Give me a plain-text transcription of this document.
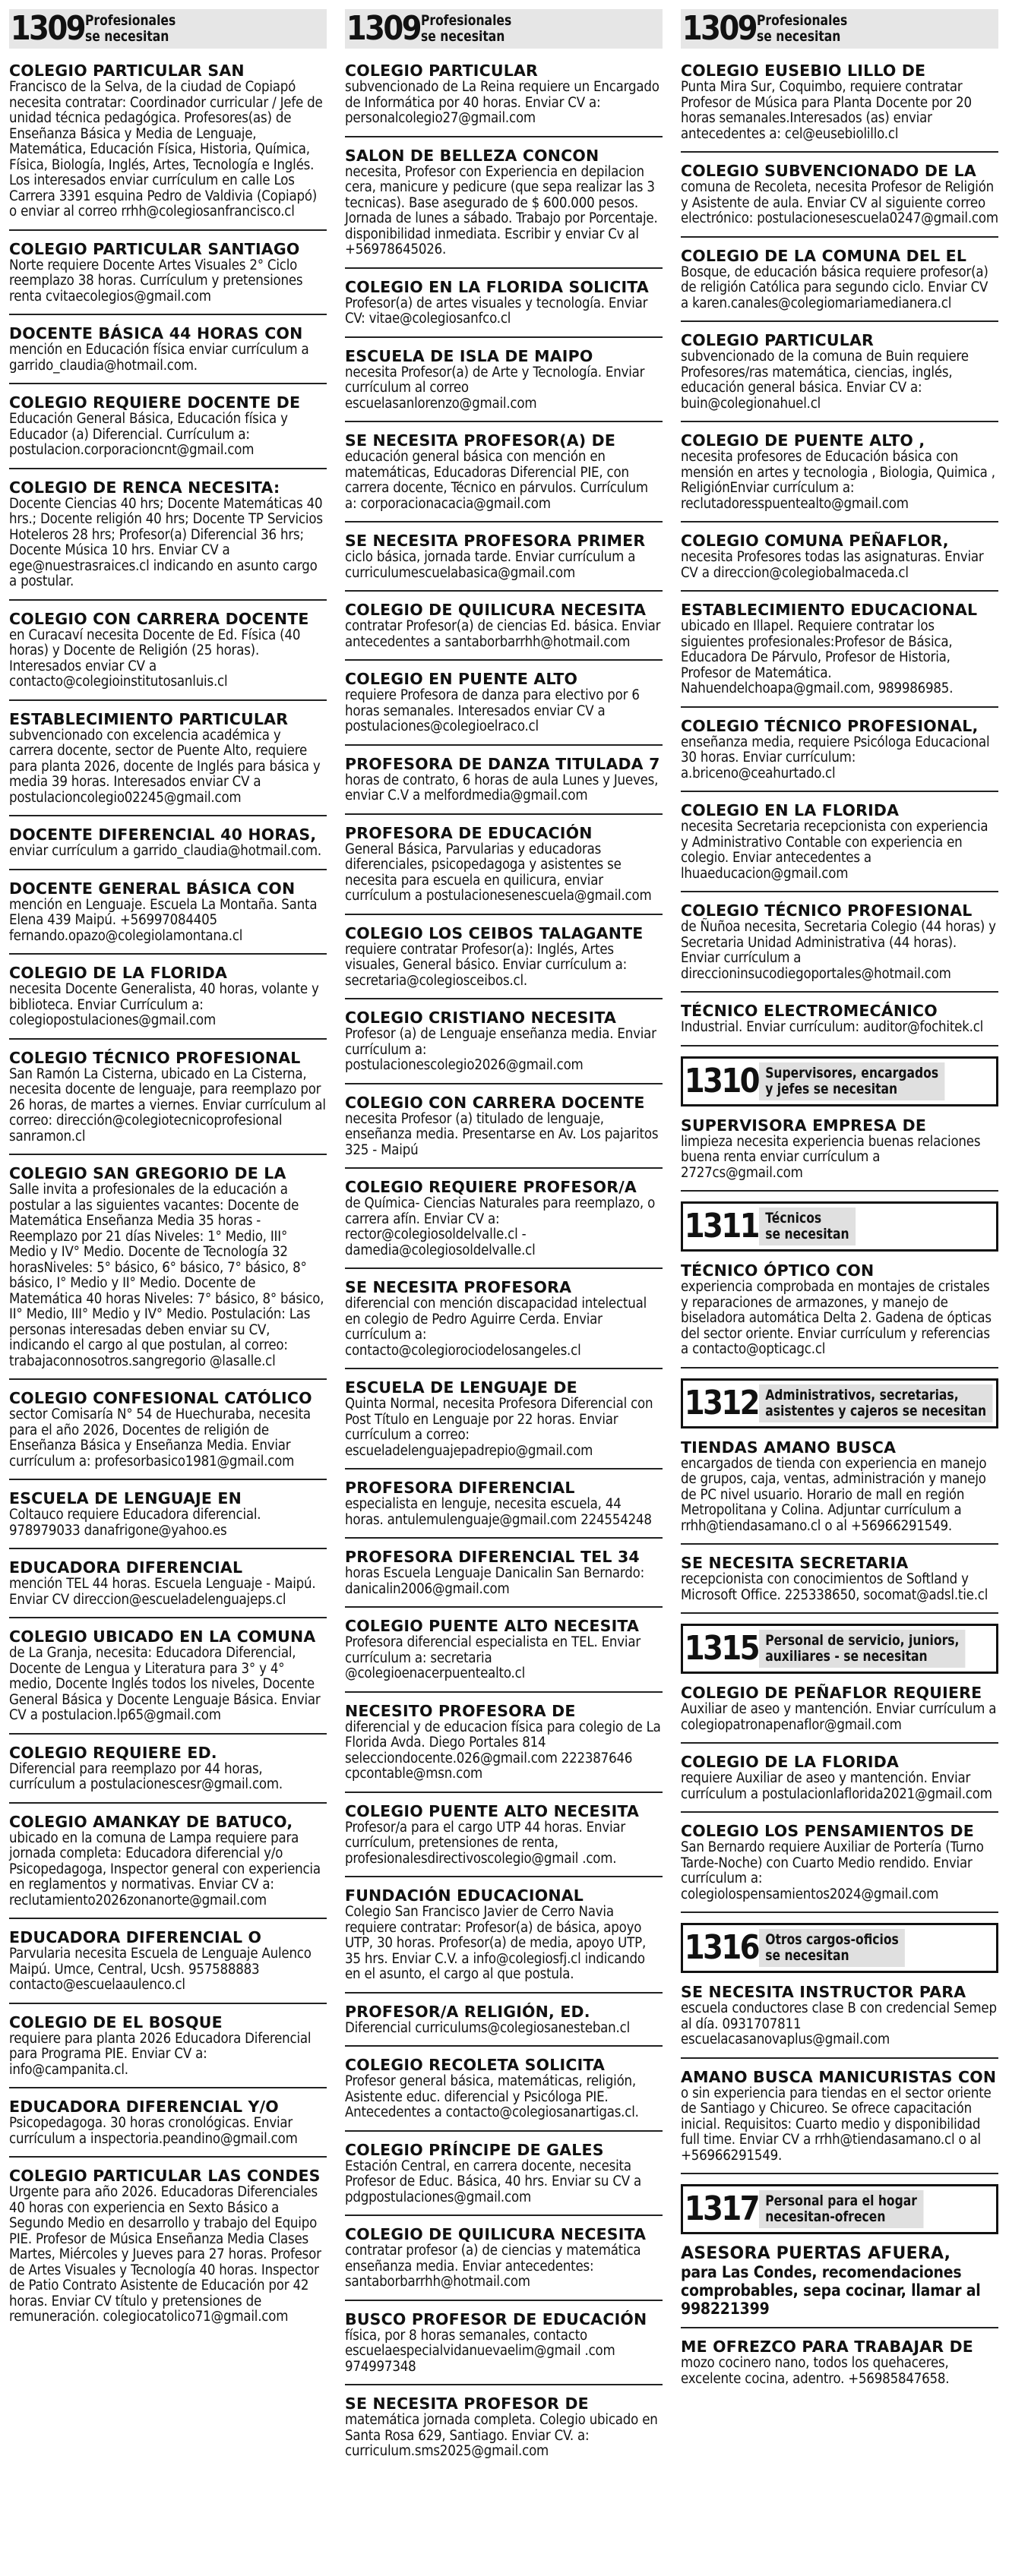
1309 Profesionales
se necesitan
COLEGIO PARTICULAR SAN
Francisco de la Selva, de la ciudad de Copiapó necesita contratar: Coordinador curricular / Jefe de unidad técnica pedagógica. Profesores(as) de Enseñanza Básica y Media de Lenguaje, Matemática, Educación Física, Historia, Química, Física, Biología, Inglés, Artes, Tecnología e Inglés. Los interesados enviar currículum en calle Los Carrera 3391 esquina Pedro de Valdivia (Copiapó) o enviar al correo rrhh@colegiosanfrancisco.cl
COLEGIO PARTICULAR SANTIAGO
Norte requiere Docente Artes Visuales 2° Ciclo reemplazo 38 horas. Currículum y pretensiones renta cvitaecolegios@gmail.com
DOCENTE BÁSICA 44 HORAS CON
mención en Educación física enviar currículum a garrido_claudia@hotmail.com.
COLEGIO REQUIERE DOCENTE DE
Educación General Básica, Educación física y Educador (a) Diferencial. Currículum a: postulacion.corporacioncnt@gmail.com
COLEGIO DE RENCA NECESITA:
Docente Ciencias 40 hrs; Docente Matemáticas 40 hrs.; Docente religión 40 hrs; Docente TP Servicios Hoteleros 28 hrs; Profesor(a) Diferencial 36 hrs; Docente Música 10 hrs. Enviar CV a ege@nuestrasraices.cl indicando en asunto cargo a postular.
COLEGIO CON CARRERA DOCENTE
en Curacaví necesita Docente de Ed. Física (40 horas) y Docente de Religión (25 horas). Interesados enviar CV a contacto@colegioinstitutosanluis.cl
ESTABLECIMIENTO PARTICULAR
subvencionado con excelencia académica y carrera docente, sector de Puente Alto, requiere para planta 2026, docente de Inglés para básica y media 39 horas. Interesados enviar CV a postulacioncolegio02245@gmail.com
DOCENTE DIFERENCIAL 40 HORAS,
enviar currículum a garrido_claudia@hotmail.com.
DOCENTE GENERAL BÁSICA CON
mención en Lenguaje. Escuela La Montaña. Santa Elena 439 Maipú. +56997084405 fernando.opazo@colegiolamontana.cl
COLEGIO DE LA FLORIDA
necesita Docente Generalista, 40 horas, volante y biblioteca. Enviar Currículum a: colegiopostulaciones@gmail.com
COLEGIO TÉCNICO PROFESIONAL
San Ramón La Cisterna, ubicado en La Cisterna, necesita docente de lenguaje, para reemplazo por 26 horas, de martes a viernes. Enviar currículum al correo: dirección@colegiotecnicoprofesional sanramon.cl
COLEGIO SAN GREGORIO DE LA
Salle invita a profesionales de la educación a postular a las siguientes vacantes: Docente de Matemática Enseñanza Media 35 horas - Reemplazo por 21 días Niveles: 1° Medio, III° Medio y IV° Medio. Docente de Tecnología 32 horasNiveles: 5° básico, 6° básico, 7° básico, 8° básico, I° Medio y II° Medio. Docente de Matemática 40 horas Niveles: 7° básico, 8° básico, II° Medio, III° Medio y IV° Medio. Postulación: Las personas interesadas deben enviar su CV, indicando el cargo al que postulan, al correo: trabajaconnosotros.sangregorio @lasalle.cl
COLEGIO CONFESIONAL CATÓLICO
sector Comisaría N° 54 de Huechuraba, necesita para el año 2026, Docentes de religión de Enseñanza Básica y Enseñanza Media. Enviar currículum a: profesorbasico1981@gmail.com
ESCUELA DE LENGUAJE EN
Coltauco requiere Educadora diferencial. 978979033 danafrigone@yahoo.es
EDUCADORA DIFERENCIAL
mención TEL 44 horas. Escuela Lenguaje - Maipú. Enviar CV direccion@escueladelenguajeps.cl
COLEGIO UBICADO EN LA COMUNA
de La Granja, necesita: Educadora Diferencial, Docente de Lengua y Literatura para 3° y 4° medio, Docente Inglés todos los niveles, Docente General Básica y Docente Lenguaje Básica. Enviar CV a postulacion.lp65@gmail.com
COLEGIO REQUIERE ED.
Diferencial para reemplazo por 44 horas, currículum a postulacionescesr@gmail.com.
COLEGIO AMANKAY DE BATUCO,
ubicado en la comuna de Lampa requiere para jornada completa: Educadora diferencial y/o Psicopedagoga, Inspector general con experiencia en reglamentos y normativas. Enviar CV a: reclutamiento2026zonanorte@gmail.com
EDUCADORA DIFERENCIAL O
Parvularia necesita Escuela de Lenguaje Aulenco Maipú. Umce, Central, Ucsh. 957588883 contacto@escuelaaulenco.cl
COLEGIO DE EL BOSQUE
requiere para planta 2026 Educadora Diferencial para Programa PIE. Enviar CV a: info@campanita.cl.
EDUCADORA DIFERENCIAL Y/O
Psicopedagoga. 30 horas cronológicas. Enviar currículum a inspectoria.peandino@gmail.com
COLEGIO PARTICULAR LAS CONDES
Urgente para año 2026. Educadoras Diferenciales 40 horas con experiencia en Sexto Básico a Segundo Medio en desarrollo y trabajo del Equipo PIE. Profesor de Música Enseñanza Media Clases Martes, Miércoles y Jueves para 27 horas. Profesor de Artes Visuales y Tecnología 40 horas. Inspector de Patio Contrato Asistente de Educación por 42 horas. Enviar CV título y pretensiones de remuneración. colegiocatolico71@gmail.com
1309 Profesionales
se necesitan
COLEGIO PARTICULAR
subvencionado de La Reina requiere un Encargado de Informática por 40 horas. Enviar CV a: personalcolegio27@gmail.com
SALON DE BELLEZA CONCON
necesita, Profesor con Experiencia en depilacion cera, manicure y pedicure (que sepa realizar las 3 tecnicas). Base asegurado de $ 600.000 pesos. Jornada de lunes a sábado. Trabajo por Porcentaje. disponibilidad inmediata. Escribir y enviar Cv al +56978645026.
COLEGIO EN LA FLORIDA SOLICITA
Profesor(a) de artes visuales y tecnología. Enviar CV: vitae@colegiosanfco.cl
ESCUELA DE ISLA DE MAIPO
necesita Profesor(a) de Arte y Tecnología. Enviar currículum al correo escuelasanlorenzo@gmail.com
SE NECESITA PROFESOR(A) DE
educación general básica con mención en matemáticas, Educadoras Diferencial PIE, con carrera docente, Técnico en párvulos. Currículum a: corporacionacacia@gmail.com
SE NECESITA PROFESORA PRIMER
ciclo básica, jornada tarde. Enviar currículum a curriculumescuelabasica@gmail.com
COLEGIO DE QUILICURA NECESITA
contratar Profesor(a) de ciencias Ed. básica. Enviar antecedentes a santaborbarrhh@hotmail.com
COLEGIO EN PUENTE ALTO
requiere Profesora de danza para electivo por 6 horas semanales. Interesados enviar CV a postulaciones@colegioelraco.cl
PROFESORA DE DANZA TITULADA 7
horas de contrato, 6 horas de aula Lunes y Jueves, enviar C.V a melfordmedia@gmail.com
PROFESORA DE EDUCACIÓN
General Básica, Parvularias y educadoras diferenciales, psicopedagoga y asistentes se necesita para escuela en quilicura, enviar currículum a postulacionesenescuela@gmail.com
COLEGIO LOS CEIBOS TALAGANTE
requiere contratar Profesor(a): Inglés, Artes visuales, General básico. Enviar currículum a: secretaria@colegiosceibos.cl.
COLEGIO CRISTIANO NECESITA
Profesor (a) de Lenguaje enseñanza media. Enviar currículum a: postulacionescolegio2026@gmail.com
COLEGIO CON CARRERA DOCENTE
necesita Profesor (a) titulado de lenguaje, enseñanza media. Presentarse en Av. Los pajaritos 325 - Maipú
COLEGIO REQUIERE PROFESOR/A
de Química- Ciencias Naturales para reemplazo, o carrera afín. Enviar CV a: rector@colegiosoldelvalle.cl - damedia@colegiosoldelvalle.cl
SE NECESITA PROFESORA
diferencial con mención discapacidad intelectual en colegio de Pedro Aguirre Cerda. Enviar currículum a: contacto@colegiorociodelosangeles.cl
ESCUELA DE LENGUAJE DE
Quinta Normal, necesita Profesora Diferencial con Post Título en Lenguaje por 22 horas. Enviar currículum a correo: escueladelenguajepadrepio@gmail.com
PROFESORA DIFERENCIAL
especialista en lenguje, necesita escuela, 44 horas. antulemulenguaje@gmail.com 224554248
PROFESORA DIFERENCIAL TEL 34
horas Escuela Lenguaje Danicalin San Bernardo: danicalin2006@gmail.com
COLEGIO PUENTE ALTO NECESITA
Profesora diferencial especialista en TEL. Enviar currículum a: secretaria @colegioenacerpuentealto.cl
NECESITO PROFESORA DE
diferencial y de educacion física para colegio de La Florida Avda. Diego Portales 814 selecciondocente.026@gmail.com 222387646 cpcontable@msn.com
COLEGIO PUENTE ALTO NECESITA
Profesor/a para el cargo UTP 44 horas. Enviar currículum, pretensiones de renta, profesionalesdirectivoscolegio@gmail .com.
FUNDACIÓN EDUCACIONAL
Colegio San Francisco Javier de Cerro Navia requiere contratar: Profesor(a) de básica, apoyo UTP, 30 horas. Profesor(a) de media, apoyo UTP, 35 hrs. Enviar C.V. a info@colegiosfj.cl indicando en el asunto, el cargo al que postula.
PROFESOR/A RELIGIÓN, ED.
Diferencial curriculums@colegiosanesteban.cl
COLEGIO RECOLETA SOLICITA
Profesor general básica, matemáticas, religión, Asistente educ. diferencial y Psicóloga PIE. Antecedentes a contacto@colegiosanartigas.cl.
COLEGIO PRÍNCIPE DE GALES
Estación Central, en carrera docente, necesita Profesor de Educ. Básica, 40 hrs. Enviar su CV a pdgpostulaciones@gmail.com
COLEGIO DE QUILICURA NECESITA
contratar profesor (a) de ciencias y matemática enseñanza media. Enviar antecedentes: santaborbarrhh@hotmail.com
BUSCO PROFESOR DE EDUCACIÓN
física, por 8 horas semanales, contacto escuelaespecialvidanuevaelim@gmail .com 974997348
SE NECESITA PROFESOR DE
matemática jornada completa. Colegio ubicado en Santa Rosa 629, Santiago. Enviar CV. a: curriculum.sms2025@gmail.com
1309 Profesionales
se necesitan
COLEGIO EUSEBIO LILLO DE
Punta Mira Sur, Coquimbo, requiere contratar Profesor de Música para Planta Docente por 20 horas semanales.Interesados (as) enviar antecedentes a: cel@eusebiolillo.cl
COLEGIO SUBVENCIONADO DE LA
comuna de Recoleta, necesita Profesor de Religión y Asistente de aula. Enviar CV al siguiente correo electrónico: postulacionesescuela0247@gmail.com
COLEGIO DE LA COMUNA DEL EL
Bosque, de educación básica requiere profesor(a) de religión Católica para segundo ciclo. Enviar CV a karen.canales@colegiomariamedianera.cl
COLEGIO PARTICULAR
subvencionado de la comuna de Buin requiere Profesores/ras matemática, ciencias, inglés, educación general básica. Enviar CV a: buin@colegionahuel.cl
COLEGIO DE PUENTE ALTO ,
necesita profesores de Educación básica con mensión en artes y tecnologia , Biologia, Quimica , ReligiónEnviar currículum a: reclutadoresspuentealto@gmail.com
COLEGIO COMUNA PEÑAFLOR,
necesita Profesores todas las asignaturas. Enviar CV a direccion@colegiobalmaceda.cl
ESTABLECIMIENTO EDUCACIONAL
ubicado en Illapel. Requiere contratar los siguientes profesionales:Profesor de Básica, Educadora De Párvulo, Profesor de Historia, Profesor de Matemática. Nahuendelchoapa@gmail.com, 989986985.
COLEGIO TÉCNICO PROFESIONAL,
enseñanza media, requiere Psicóloga Educacional 30 horas. Enviar currículum: a.briceno@ceahurtado.cl
COLEGIO EN LA FLORIDA
necesita Secretaria recepcionista con experiencia y Administrativo Contable con experiencia en colegio. Enviar antecedentes a lhuaeducacion@gmail.com
COLEGIO TÉCNICO PROFESIONAL
de Ñuñoa necesita, Secretaria Colegio (44 horas) y Secretaria Unidad Administrativa (44 horas). Enviar currículum a direccioninsucodiegoportales@hotmail.com
TÉCNICO ELECTROMECÁNICO
Industrial. Enviar currículum: auditor@fochitek.cl
1310 Supervisores, encargados
y jefes se necesitan
SUPERVISORA EMPRESA DE
limpieza necesita experiencia buenas relaciones buena renta enviar currículum a 2727cs@gmail.com
1311 Técnicos
se necesitan
TÉCNICO ÓPTICO CON
experiencia comprobada en montajes de cristales y reparaciones de armazones, y manejo de biseladora automática Delta 2. Gadena de ópticas del sector oriente. Enviar currículum y referencias a contacto@opticagc.cl
1312 Administrativos, secretarias,
asistentes y cajeros se necesitan
TIENDAS AMANO BUSCA
encargados de tienda con experiencia en manejo de grupos, caja, ventas, administración y manejo de PC nivel usuario. Horario de mall en región Metropolitana y Colina. Adjuntar currículum a rrhh@tiendasamano.cl o al +56966291549.
SE NECESITA SECRETARIA
recepcionista con conocimientos de Softland y Microsoft Office. 225338650, socomat@adsl.tie.cl
1315 Personal de servicio, juniors,
auxiliares - se necesitan
COLEGIO DE PEÑAFLOR REQUIERE
Auxiliar de aseo y mantención. Enviar currículum a colegiopatronapenaflor@gmail.com
COLEGIO DE LA FLORIDA
requiere Auxiliar de aseo y mantención. Enviar currículum a postulacionlaflorida2021@gmail.com
COLEGIO LOS PENSAMIENTOS DE
San Bernardo requiere Auxiliar de Portería (Turno Tarde-Noche) con Cuarto Medio rendido. Enviar currículum a: colegiolospensamientos2024@gmail.com
1316 Otros cargos-oficios
se necesitan
SE NECESITA INSTRUCTOR PARA
escuela conductores clase B con credencial Semep al día. 0931707811 escuelacasanovaplus@gmail.com
AMANO BUSCA MANICURISTAS CON
o sin experiencia para tiendas en el sector oriente de Santiago y Chicureo. Se ofrece capacitación inicial. Requisitos: Cuarto medio y disponibilidad full time. Enviar CV a rrhh@tiendasamano.cl o al +56966291549.
1317 Personal para el hogar
necesitan-ofrecen
ASESORA PUERTAS AFUERA,
para Las Condes, recomendaciones comprobables, sepa cocinar, llamar al 998221399
ME OFREZCO PARA TRABAJAR DE
mozo cocinero nano, todos los quehaceres, excelente cocina, adentro. +56985847658.
